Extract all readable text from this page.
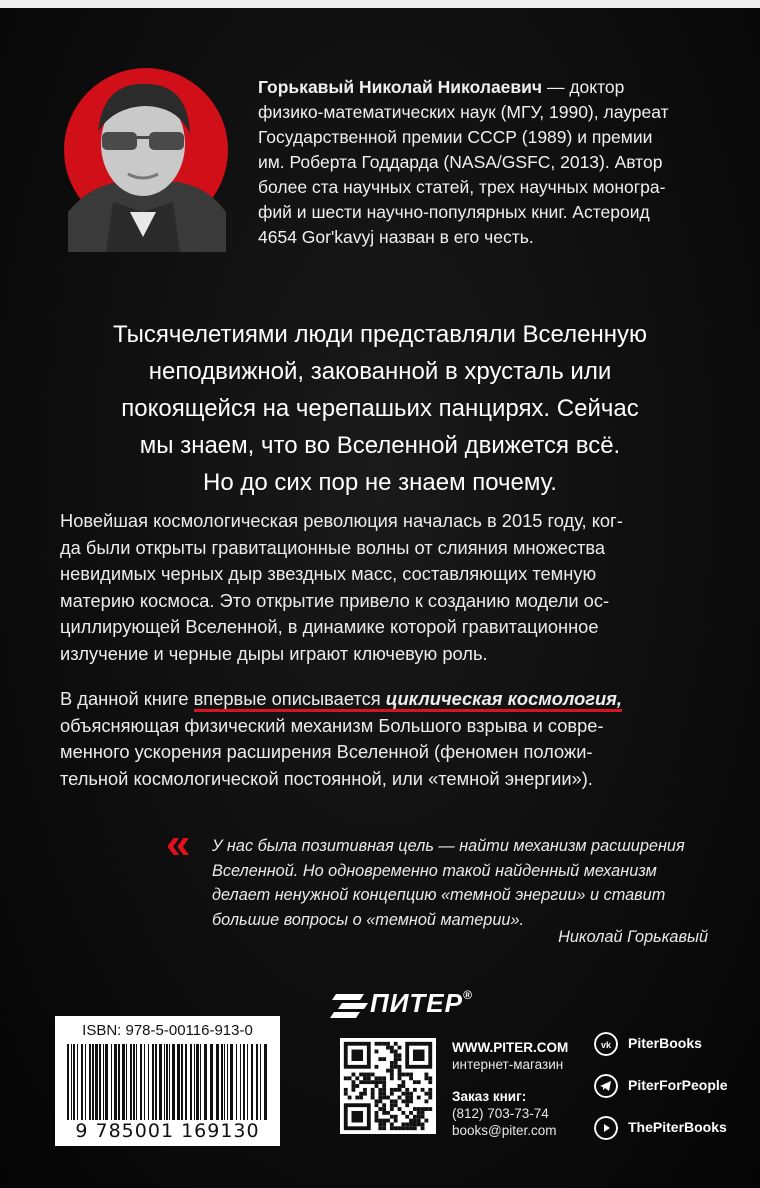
Горькавый Николай Николаевич — доктор
физико-математических наук (МГУ, 1990), лауреат
Государственной премии СССР (1989) и премии
им. Роберта Годдарда (NASA/GSFC, 2013). Автор
более ста научных статей, трех научных моногра-
фий и шести научно-популярных книг. Астероид
4654 Gor'kavyj назван в его честь.
Тысячелетиями люди представляли Вселенную
неподвижной, закованной в хрусталь или
покоящейся на черепашьих панцирях. Сейчас
мы знаем, что во Вселенной движется всё.
Но до сих пор не знаем почему.
Новейшая космологическая революция началась в 2015 году, ког-
да были открыты гравитационные волны от слияния множества
невидимых черных дыр звездных масс, составляющих темную
материю космоса. Это открытие привело к созданию модели ос-
циллирующей Вселенной, в динамике которой гравитационное
излучение и черные дыры играют ключевую роль.
В данной книге впервые описывается циклическая космология,
объясняющая физический механизм Большого взрыва и совре-
менного ускорения расширения Вселенной (феномен положи-
тельной космологической постоянной, или «темной энергии»).
« У нас была позитивная цель — найти механизм расширения
Вселенной. Но одновременно такой найденный механизм
делает ненужной концепцию «темной энергии» и ставит
большие вопросы о «темной материи».
Николай Горькавый
ISBN: 978-5-00116-913-0
9 785001 169130
ПИТЕР®
WWW.PITER.COM
интернет-магазин
Заказ книг:
(812) 703-73-74
books@piter.com
vk PiterBooks
PiterForPeople
ThePiterBooks
